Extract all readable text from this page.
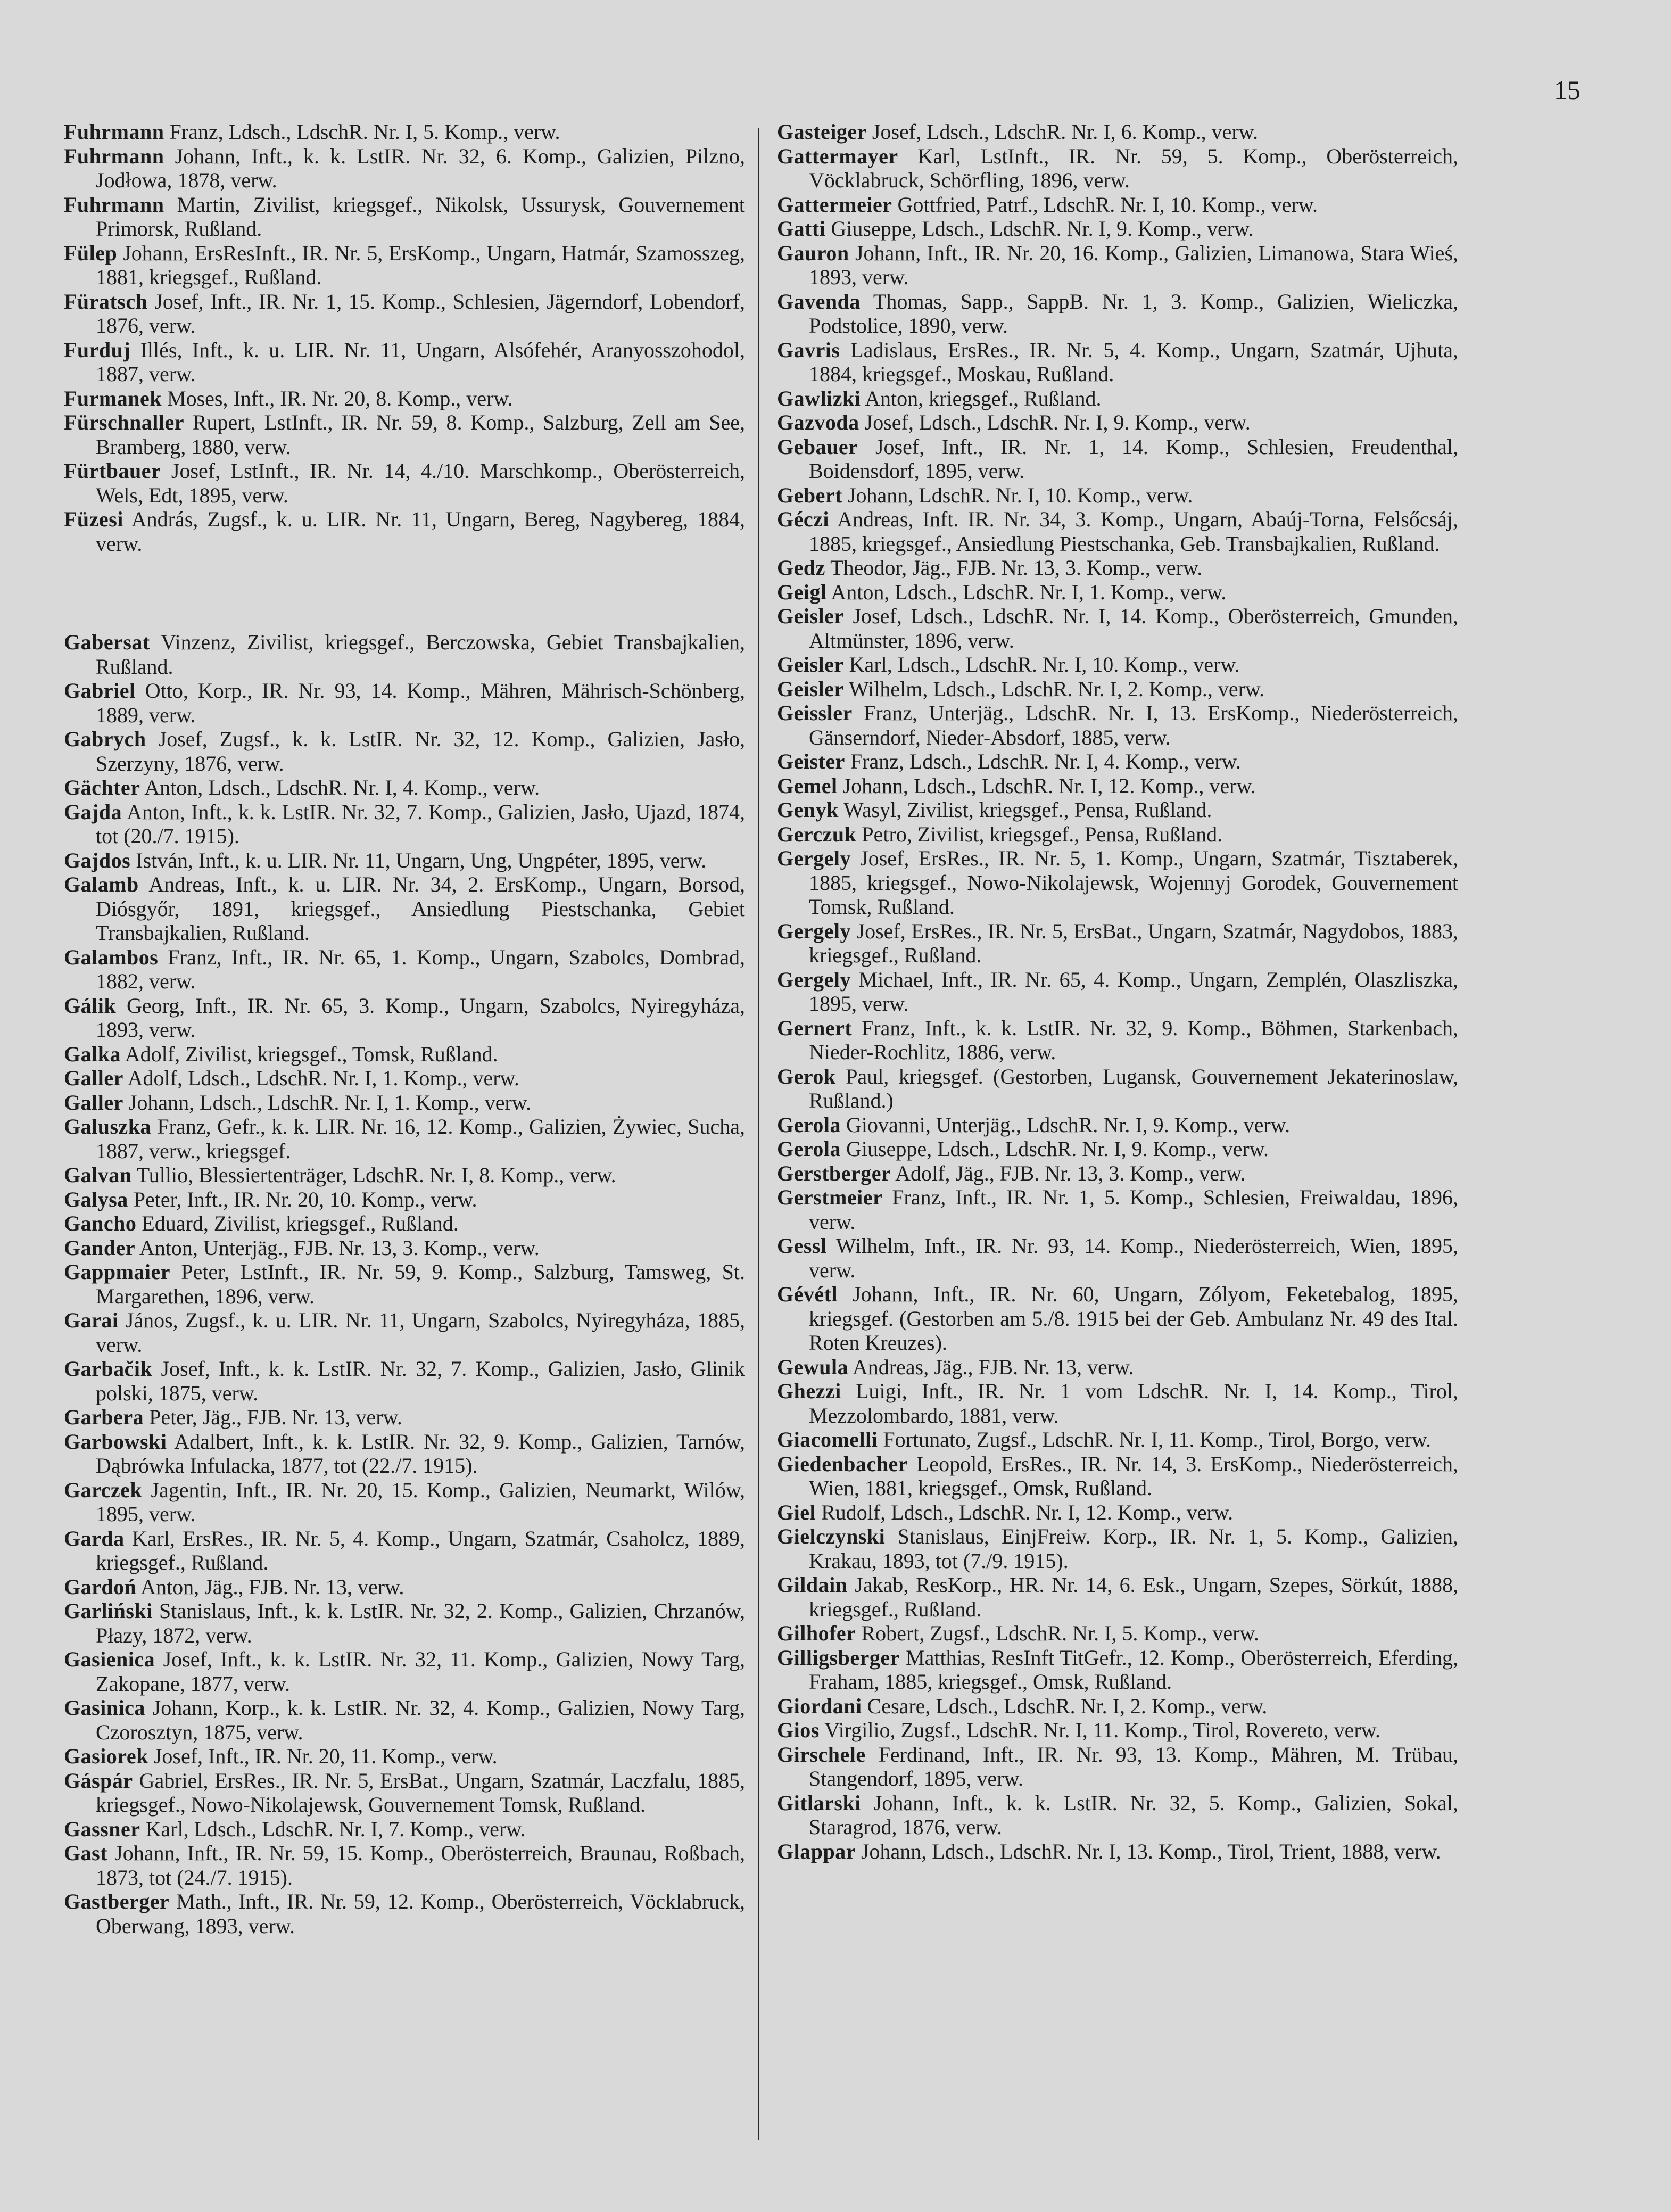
15
Fuhrmann Franz, Ldsch., LdschR. Nr. I, 5. Komp., verw.
Fuhrmann Johann, Inft., k. k. LstIR. Nr. 32, 6. Komp., Galizien, Pilzno, Jodłowa, 1878, verw.
Fuhrmann Martin, Zivilist, kriegsgef., Nikolsk, Ussurysk, Gouvernement Primorsk, Rußland.
Fülep Johann, ErsResInft., IR. Nr. 5, ErsKomp., Ungarn, Hatmár, Szamosszeg, 1881, kriegsgef., Rußland.
Füratsch Josef, Inft., IR. Nr. 1, 15. Komp., Schlesien, Jägerndorf, Lobendorf, 1876, verw.
Furduj Illés, Inft., k. u. LIR. Nr. 11, Ungarn, Alsófehér, Aranyosszohodol, 1887, verw.
Furmanek Moses, Inft., IR. Nr. 20, 8. Komp., verw.
Fürschnaller Rupert, LstInft., IR. Nr. 59, 8. Komp., Salzburg, Zell am See, Bramberg, 1880, verw.
Fürtbauer Josef, LstInft., IR. Nr. 14, 4./10. Marschkomp., Oberösterreich, Wels, Edt, 1895, verw.
Füzesi András, Zugsf., k. u. LIR. Nr. 11, Ungarn, Bereg, Nagybereg, 1884, verw.
Gabersat Vinzenz, Zivilist, kriegsgef., Berczowska, Gebiet Transbajkalien, Rußland.
Gabriel Otto, Korp., IR. Nr. 93, 14. Komp., Mähren, Mährisch-Schönberg, 1889, verw.
Gabrych Josef, Zugsf., k. k. LstIR. Nr. 32, 12. Komp., Galizien, Jasło, Szerzyny, 1876, verw.
Gächter Anton, Ldsch., LdschR. Nr. I, 4. Komp., verw.
Gajda Anton, Inft., k. k. LstIR. Nr. 32, 7. Komp., Galizien, Jasło, Ujazd, 1874, tot (20./7. 1915).
Gajdos István, Inft., k. u. LIR. Nr. 11, Ungarn, Ung, Ungpéter, 1895, verw.
Galamb Andreas, Inft., k. u. LIR. Nr. 34, 2. ErsKomp., Ungarn, Borsod, Diósgyőr, 1891, kriegsgef., Ansiedlung Piestschanka, Gebiet Transbajkalien, Rußland.
Galambos Franz, Inft., IR. Nr. 65, 1. Komp., Ungarn, Szabolcs, Dombrad, 1882, verw.
Gálik Georg, Inft., IR. Nr. 65, 3. Komp., Ungarn, Szabolcs, Nyiregyháza, 1893, verw.
Galka Adolf, Zivilist, kriegsgef., Tomsk, Rußland.
Galler Adolf, Ldsch., LdschR. Nr. I, 1. Komp., verw.
Galler Johann, Ldsch., LdschR. Nr. I, 1. Komp., verw.
Galuszka Franz, Gefr., k. k. LIR. Nr. 16, 12. Komp., Galizien, Żywiec, Sucha, 1887, verw., kriegsgef.
Galvan Tullio, Blessiertenträger, LdschR. Nr. I, 8. Komp., verw.
Galysa Peter, Inft., IR. Nr. 20, 10. Komp., verw.
Gancho Eduard, Zivilist, kriegsgef., Rußland.
Gander Anton, Unterjäg., FJB. Nr. 13, 3. Komp., verw.
Gappmaier Peter, LstInft., IR. Nr. 59, 9. Komp., Salzburg, Tamsweg, St. Margarethen, 1896, verw.
Garai János, Zugsf., k. u. LIR. Nr. 11, Ungarn, Szabolcs, Nyiregyháza, 1885, verw.
Garbačik Josef, Inft., k. k. LstIR. Nr. 32, 7. Komp., Galizien, Jasło, Glinik polski, 1875, verw.
Garbera Peter, Jäg., FJB. Nr. 13, verw.
Garbowski Adalbert, Inft., k. k. LstIR. Nr. 32, 9. Komp., Galizien, Tarnów, Dąbrówka Infulacka, 1877, tot (22./7. 1915).
Garczek Jagentin, Inft., IR. Nr. 20, 15. Komp., Galizien, Neumarkt, Wilów, 1895, verw.
Garda Karl, ErsRes., IR. Nr. 5, 4. Komp., Ungarn, Szatmár, Csaholcz, 1889, kriegsgef., Rußland.
Gardoń Anton, Jäg., FJB. Nr. 13, verw.
Garliński Stanislaus, Inft., k. k. LstIR. Nr. 32, 2. Komp., Galizien, Chrzanów, Płazy, 1872, verw.
Gasienica Josef, Inft., k. k. LstIR. Nr. 32, 11. Komp., Galizien, Nowy Targ, Zakopane, 1877, verw.
Gasinica Johann, Korp., k. k. LstIR. Nr. 32, 4. Komp., Galizien, Nowy Targ, Czorosztyn, 1875, verw.
Gasiorek Josef, Inft., IR. Nr. 20, 11. Komp., verw.
Gáspár Gabriel, ErsRes., IR. Nr. 5, ErsBat., Ungarn, Szatmár, Laczfalu, 1885, kriegsgef., Nowo-Nikolajewsk, Gouvernement Tomsk, Rußland.
Gassner Karl, Ldsch., LdschR. Nr. I, 7. Komp., verw.
Gast Johann, Inft., IR. Nr. 59, 15. Komp., Oberösterreich, Braunau, Roßbach, 1873, tot (24./7. 1915).
Gastberger Math., Inft., IR. Nr. 59, 12. Komp., Oberösterreich, Vöcklabruck, Oberwang, 1893, verw.
Gasteiger Josef, Ldsch., LdschR. Nr. I, 6. Komp., verw.
Gattermayer Karl, LstInft., IR. Nr. 59, 5. Komp., Oberösterreich, Vöcklabruck, Schörfling, 1896, verw.
Gattermeier Gottfried, Patrf., LdschR. Nr. I, 10. Komp., verw.
Gatti Giuseppe, Ldsch., LdschR. Nr. I, 9. Komp., verw.
Gauron Johann, Inft., IR. Nr. 20, 16. Komp., Galizien, Limanowa, Stara Wieś, 1893, verw.
Gavenda Thomas, Sapp., SappB. Nr. 1, 3. Komp., Galizien, Wieliczka, Podstolice, 1890, verw.
Gavris Ladislaus, ErsRes., IR. Nr. 5, 4. Komp., Ungarn, Szatmár, Ujhuta, 1884, kriegsgef., Moskau, Rußland.
Gawlizki Anton, kriegsgef., Rußland.
Gazvoda Josef, Ldsch., LdschR. Nr. I, 9. Komp., verw.
Gebauer Josef, Inft., IR. Nr. 1, 14. Komp., Schlesien, Freudenthal, Boidensdorf, 1895, verw.
Gebert Johann, LdschR. Nr. I, 10. Komp., verw.
Géczi Andreas, Inft. IR. Nr. 34, 3. Komp., Ungarn, Abaúj-Torna, Felsőcsáj, 1885, kriegsgef., Ansiedlung Piestschanka, Geb. Transbajkalien, Rußland.
Gedz Theodor, Jäg., FJB. Nr. 13, 3. Komp., verw.
Geigl Anton, Ldsch., LdschR. Nr. I, 1. Komp., verw.
Geisler Josef, Ldsch., LdschR. Nr. I, 14. Komp., Oberösterreich, Gmunden, Altmünster, 1896, verw.
Geisler Karl, Ldsch., LdschR. Nr. I, 10. Komp., verw.
Geisler Wilhelm, Ldsch., LdschR. Nr. I, 2. Komp., verw.
Geissler Franz, Unterjäg., LdschR. Nr. I, 13. ErsKomp., Niederösterreich, Gänserndorf, Nieder-Absdorf, 1885, verw.
Geister Franz, Ldsch., LdschR. Nr. I, 4. Komp., verw.
Gemel Johann, Ldsch., LdschR. Nr. I, 12. Komp., verw.
Genyk Wasyl, Zivilist, kriegsgef., Pensa, Rußland.
Gerczuk Petro, Zivilist, kriegsgef., Pensa, Rußland.
Gergely Josef, ErsRes., IR. Nr. 5, 1. Komp., Ungarn, Szatmár, Tisztaberek, 1885, kriegsgef., Nowo-Nikolajewsk, Wojennyj Gorodek, Gouvernement Tomsk, Rußland.
Gergely Josef, ErsRes., IR. Nr. 5, ErsBat., Ungarn, Szatmár, Nagydobos, 1883, kriegsgef., Rußland.
Gergely Michael, Inft., IR. Nr. 65, 4. Komp., Ungarn, Zemplén, Olaszliszka, 1895, verw.
Gernert Franz, Inft., k. k. LstIR. Nr. 32, 9. Komp., Böhmen, Starkenbach, Nieder-Rochlitz, 1886, verw.
Gerok Paul, kriegsgef. (Gestorben, Lugansk, Gouvernement Jekaterinoslaw, Rußland.)
Gerola Giovanni, Unterjäg., LdschR. Nr. I, 9. Komp., verw.
Gerola Giuseppe, Ldsch., LdschR. Nr. I, 9. Komp., verw.
Gerstberger Adolf, Jäg., FJB. Nr. 13, 3. Komp., verw.
Gerstmeier Franz, Inft., IR. Nr. 1, 5. Komp., Schlesien, Freiwaldau, 1896, verw.
Gessl Wilhelm, Inft., IR. Nr. 93, 14. Komp., Niederösterreich, Wien, 1895, verw.
Gévétl Johann, Inft., IR. Nr. 60, Ungarn, Zólyom, Feketebalog, 1895, kriegsgef. (Gestorben am 5./8. 1915 bei der Geb. Ambulanz Nr. 49 des Ital. Roten Kreuzes).
Gewula Andreas, Jäg., FJB. Nr. 13, verw.
Ghezzi Luigi, Inft., IR. Nr. 1 vom LdschR. Nr. I, 14. Komp., Tirol, Mezzolombardo, 1881, verw.
Giacomelli Fortunato, Zugsf., LdschR. Nr. I, 11. Komp., Tirol, Borgo, verw.
Giedenbacher Leopold, ErsRes., IR. Nr. 14, 3. ErsKomp., Niederösterreich, Wien, 1881, kriegsgef., Omsk, Rußland.
Giel Rudolf, Ldsch., LdschR. Nr. I, 12. Komp., verw.
Gielczynski Stanislaus, EinjFreiw. Korp., IR. Nr. 1, 5. Komp., Galizien, Krakau, 1893, tot (7./9. 1915).
Gildain Jakab, ResKorp., HR. Nr. 14, 6. Esk., Ungarn, Szepes, Sörkút, 1888, kriegsgef., Rußland.
Gilhofer Robert, Zugsf., LdschR. Nr. I, 5. Komp., verw.
Gilligsberger Matthias, ResInft TitGefr., 12. Komp., Oberösterreich, Eferding, Fraham, 1885, kriegsgef., Omsk, Rußland.
Giordani Cesare, Ldsch., LdschR. Nr. I, 2. Komp., verw.
Gios Virgilio, Zugsf., LdschR. Nr. I, 11. Komp., Tirol, Rovereto, verw.
Girschele Ferdinand, Inft., IR. Nr. 93, 13. Komp., Mähren, M. Trübau, Stangendorf, 1895, verw.
Gitlarski Johann, Inft., k. k. LstIR. Nr. 32, 5. Komp., Galizien, Sokal, Staragrod, 1876, verw.
Glappar Johann, Ldsch., LdschR. Nr. I, 13. Komp., Tirol, Trient, 1888, verw.
